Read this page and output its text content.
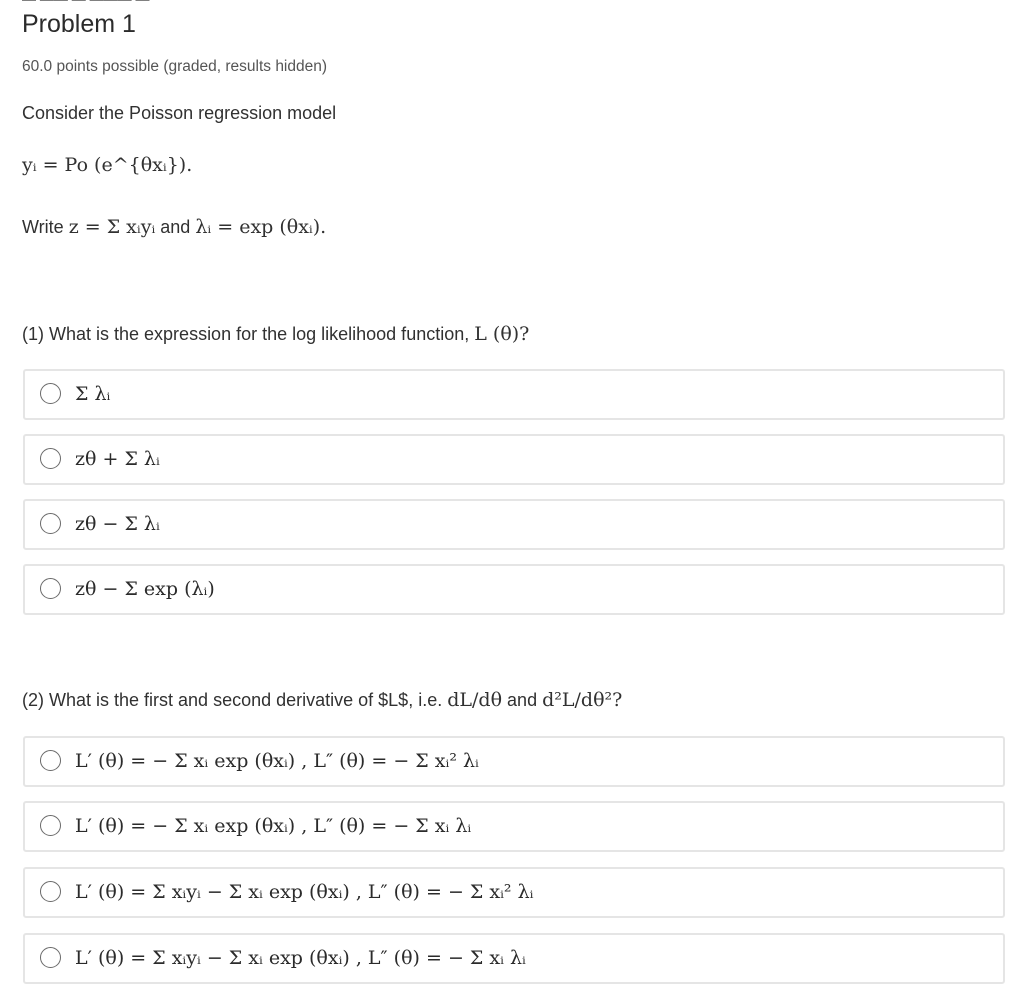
Problem 1
60.0 points possible (graded, results hidden)
Consider the Poisson regression model
yᵢ = Po (e^{θxᵢ}).
Write z = Σ xᵢyᵢ and λᵢ = exp (θxᵢ).
(1) What is the expression for the log likelihood function, L (θ)?
Σ λᵢ
zθ + Σ λᵢ
zθ − Σ λᵢ
zθ − Σ exp (λᵢ)
(2) What is the first and second derivative of $L$, i.e. dL/dθ and d²L/dθ²?
L′ (θ) = − Σ xᵢ exp (θxᵢ) , L″ (θ) = − Σ xᵢ² λᵢ
L′ (θ) = − Σ xᵢ exp (θxᵢ) , L″ (θ) = − Σ xᵢ λᵢ
L′ (θ) = Σ xᵢyᵢ − Σ xᵢ exp (θxᵢ) , L″ (θ) = − Σ xᵢ² λᵢ
L′ (θ) = Σ xᵢyᵢ − Σ xᵢ exp (θxᵢ) , L″ (θ) = − Σ xᵢ λᵢ
